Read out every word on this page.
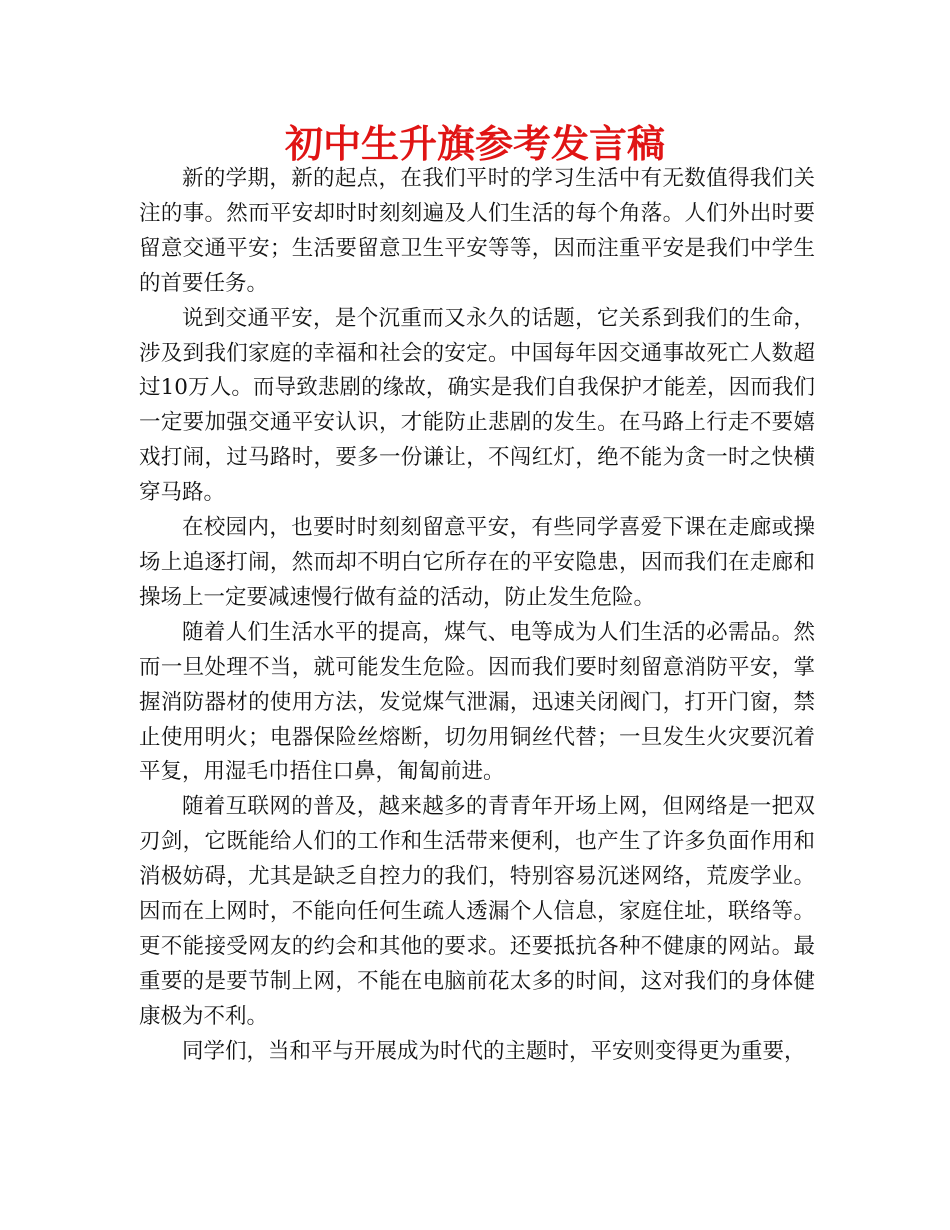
初中生升旗参考发言稿

新的学期，新的起点，在我们平时的学习生活中有无数值得我们关注的事。然而平安却时时刻刻遍及人们生活的每个角落。人们外出时要留意交通平安；生活要留意卫生平安等等，因而注重平安是我们中学生的首要任务。

说到交通平安，是个沉重而又永久的话题，它关系到我们的生命，涉及到我们家庭的幸福和社会的安定。中国每年因交通事故死亡人数超过10万人。而导致悲剧的缘故，确实是我们自我保护才能差，因而我们一定要加强交通平安认识，才能防止悲剧的发生。在马路上行走不要嬉戏打闹，过马路时，要多一份谦让，不闯红灯，绝不能为贪一时之快横穿马路。

在校园内，也要时时刻刻留意平安，有些同学喜爱下课在走廊或操场上追逐打闹，然而却不明白它所存在的平安隐患，因而我们在走廊和操场上一定要减速慢行做有益的活动，防止发生危险。

随着人们生活水平的提高，煤气、电等成为人们生活的必需品。然而一旦处理不当，就可能发生危险。因而我们要时刻留意消防平安，掌握消防器材的使用方法，发觉煤气泄漏，迅速关闭阀门，打开门窗，禁止使用明火；电器保险丝熔断，切勿用铜丝代替；一旦发生火灾要沉着平复，用湿毛巾捂住口鼻，匍匐前进。

随着互联网的普及，越来越多的青青年开场上网，但网络是一把双刃剑，它既能给人们的工作和生活带来便利，也产生了许多负面作用和消极妨碍，尤其是缺乏自控力的我们，特别容易沉迷网络，荒废学业。因而在上网时，不能向任何生疏人透漏个人信息，家庭住址，联络等。更不能接受网友的约会和其他的要求。还要抵抗各种不健康的网站。最重要的是要节制上网，不能在电脑前花太多的时间，这对我们的身体健康极为不利。

同学们，当和平与开展成为时代的主题时，平安则变得更为重要，
